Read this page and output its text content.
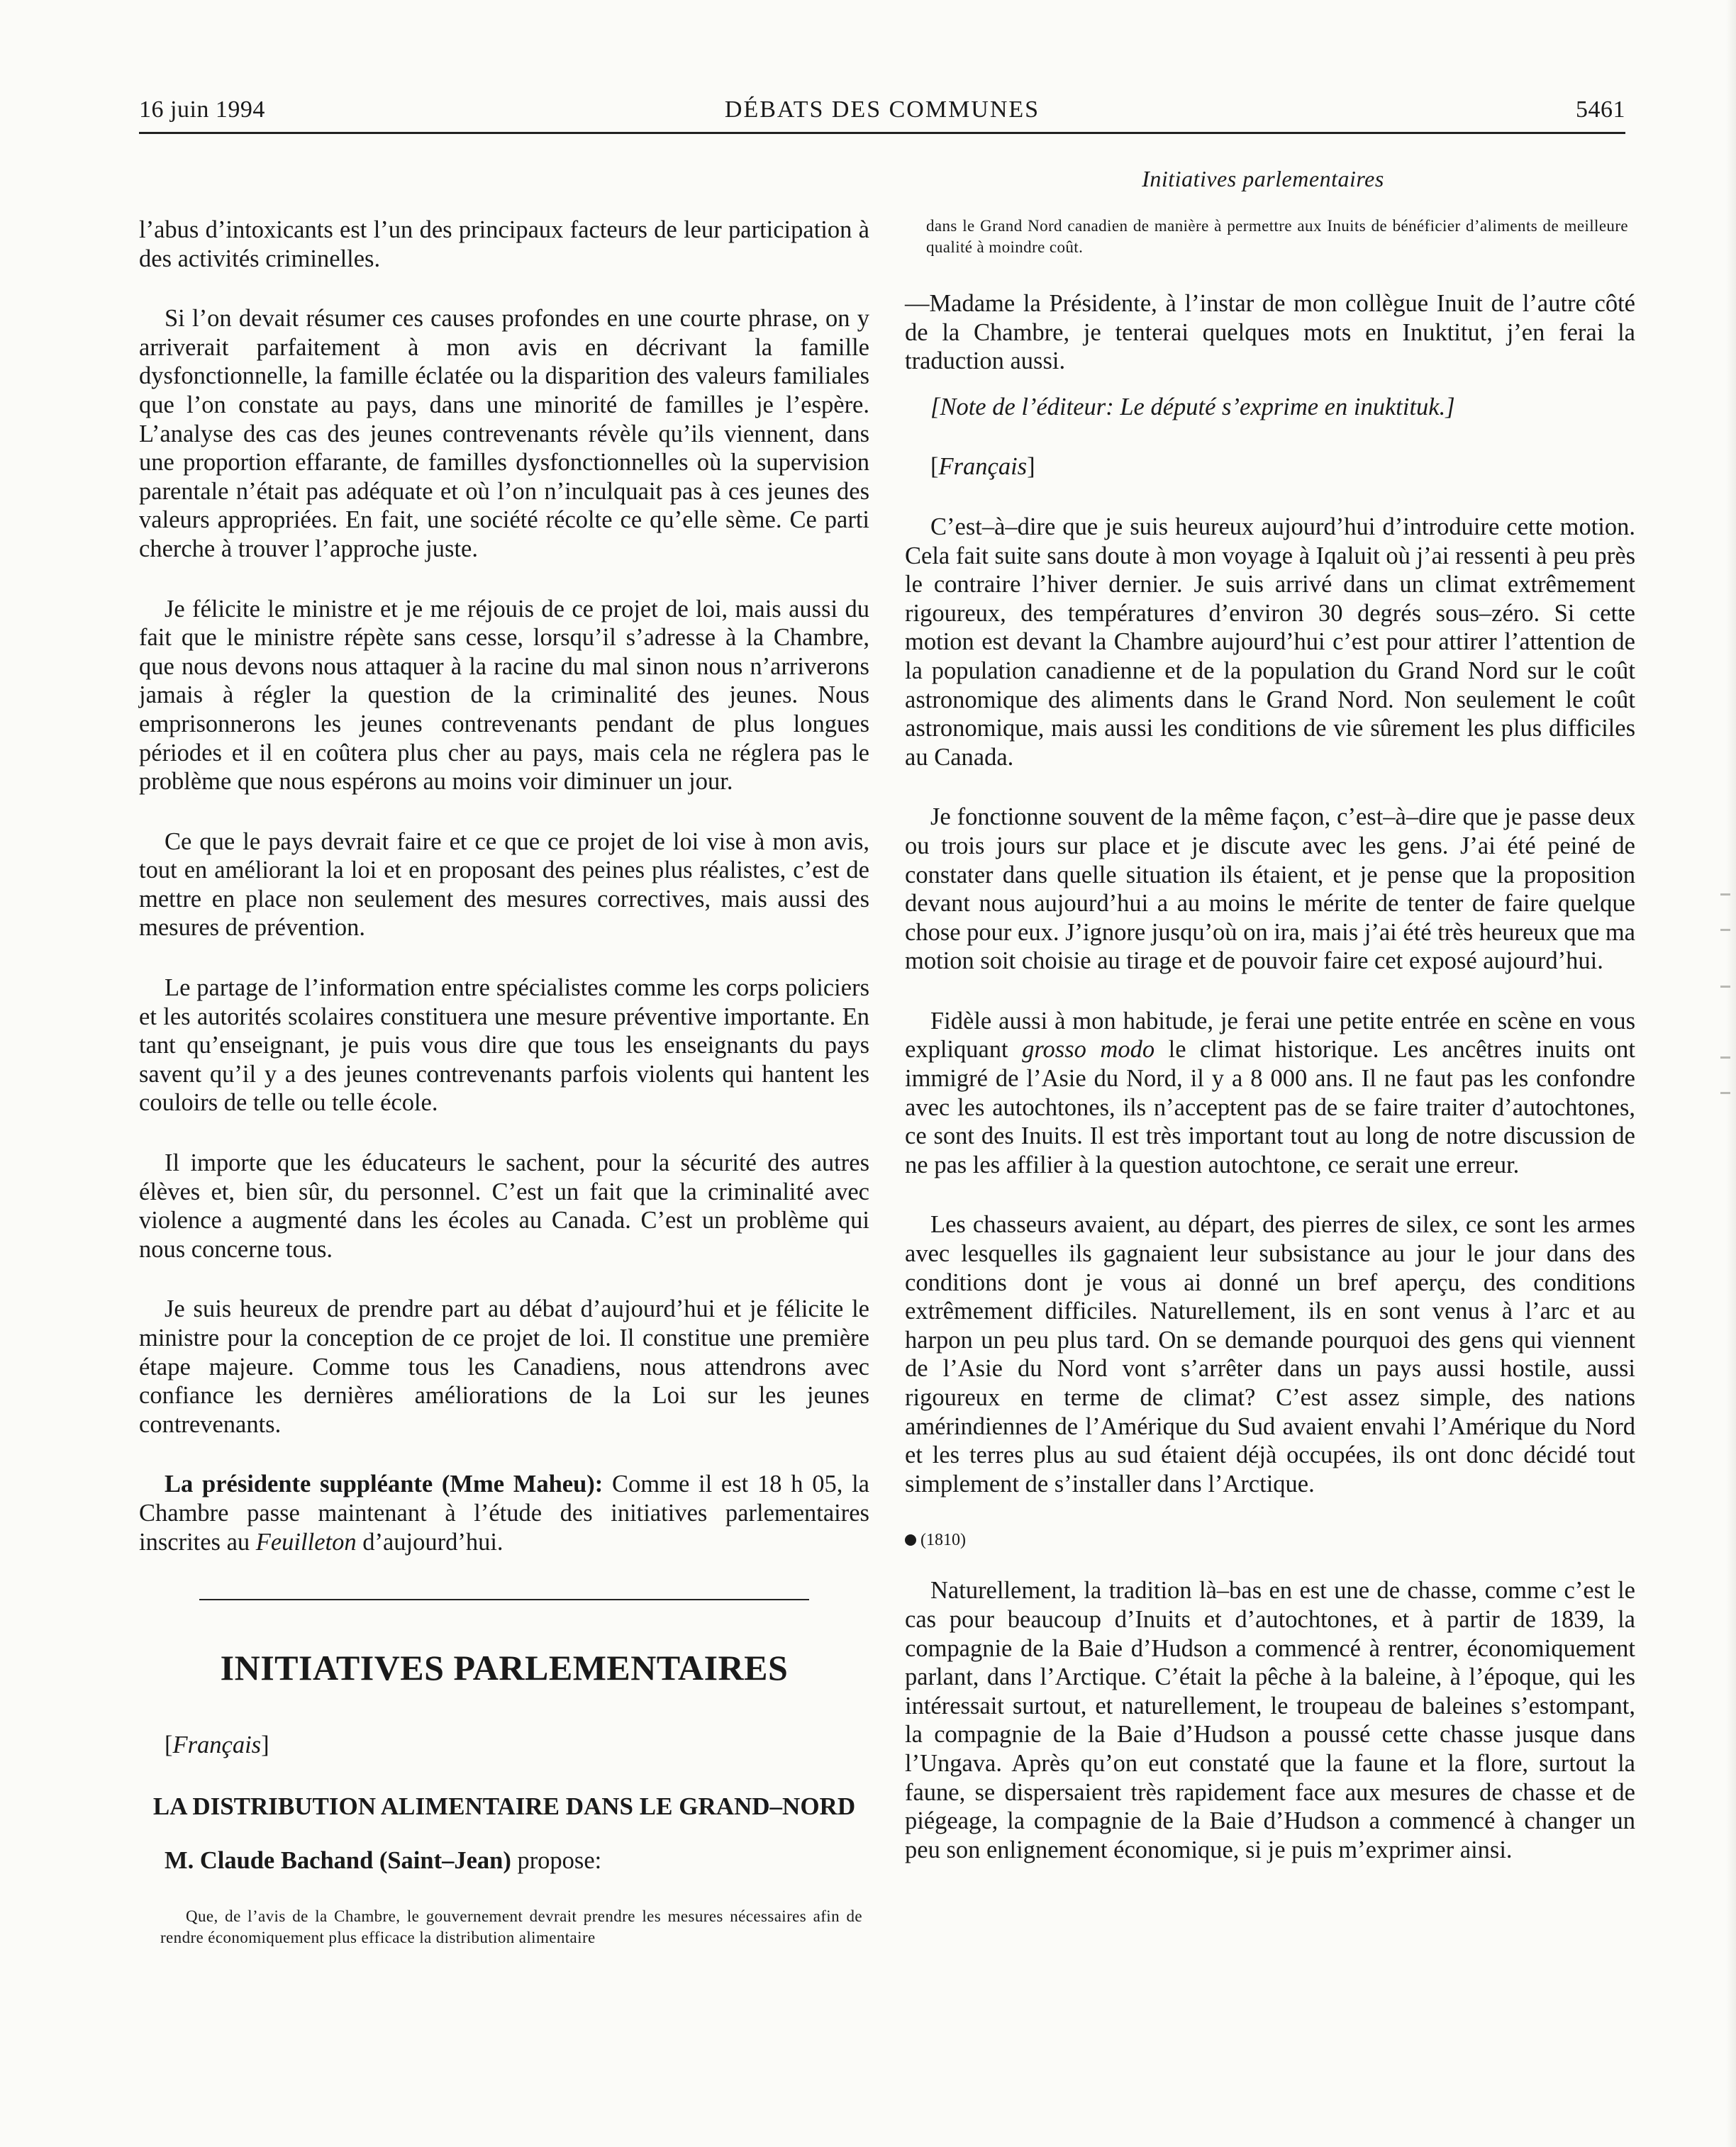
16 juin 1994	DÉBATS DES COMMUNES	5461
Initiatives parlementaires

l’abus d’intoxicants est l’un des principaux facteurs de leur participation à des activités criminelles.

Si l’on devait résumer ces causes profondes en une courte phrase, on y arriverait parfaitement à mon avis en décrivant la famille dysfonctionnelle, la famille éclatée ou la disparition des valeurs familiales que l’on constate au pays, dans une minorité de familles je l’espère. L’analyse des cas des jeunes contrevenants révèle qu’ils viennent, dans une proportion effarante, de familles dysfonctionnelles où la supervision parentale n’était pas adéquate et où l’on n’inculquait pas à ces jeunes des valeurs appropriées. En fait, une société récolte ce qu’elle sème. Ce parti cherche à trouver l’approche juste.

Je félicite le ministre et je me réjouis de ce projet de loi, mais aussi du fait que le ministre répète sans cesse, lorsqu’il s’adresse à la Chambre, que nous devons nous attaquer à la racine du mal sinon nous n’arriverons jamais à régler la question de la criminalité des jeunes. Nous emprisonnerons les jeunes contrevenants pendant de plus longues périodes et il en coûtera plus cher au pays, mais cela ne réglera pas le problème que nous espérons au moins voir diminuer un jour.

Ce que le pays devrait faire et ce que ce projet de loi vise à mon avis, tout en améliorant la loi et en proposant des peines plus réalistes, c’est de mettre en place non seulement des mesures correctives, mais aussi des mesures de prévention.

Le partage de l’information entre spécialistes comme les corps policiers et les autorités scolaires constituera une mesure préventive importante. En tant qu’enseignant, je puis vous dire que tous les enseignants du pays savent qu’il y a des jeunes contrevenants parfois violents qui hantent les couloirs de telle ou telle école.

Il importe que les éducateurs le sachent, pour la sécurité des autres élèves et, bien sûr, du personnel. C’est un fait que la criminalité avec violence a augmenté dans les écoles au Canada. C’est un problème qui nous concerne tous.

Je suis heureux de prendre part au débat d’aujourd’hui et je félicite le ministre pour la conception de ce projet de loi. Il constitue une première étape majeure. Comme tous les Canadiens, nous attendrons avec confiance les dernières améliorations de la Loi sur les jeunes contrevenants.

La présidente suppléante (Mme Maheu): Comme il est 18 h 05, la Chambre passe maintenant à l’étude des initiatives parlementaires inscrites au Feuilleton d’aujourd’hui.

INITIATIVES PARLEMENTAIRES

[Français]

LA DISTRIBUTION ALIMENTAIRE DANS LE GRAND–NORD

M. Claude Bachand (Saint–Jean) propose:

Que, de l’avis de la Chambre, le gouvernement devrait prendre les mesures nécessaires afin de rendre économiquement plus efficace la distribution alimentaire

dans le Grand Nord canadien de manière à permettre aux Inuits de bénéficier d’aliments de meilleure qualité à moindre coût.

—Madame la Présidente, à l’instar de mon collègue Inuit de l’autre côté de la Chambre, je tenterai quelques mots en Inuktitut, j’en ferai la traduction aussi.

[Note de l’éditeur: Le député s’exprime en inuktituk.]

[Français]

C’est–à–dire que je suis heureux aujourd’hui d’introduire cette motion. Cela fait suite sans doute à mon voyage à Iqaluit où j’ai ressenti à peu près le contraire l’hiver dernier. Je suis arrivé dans un climat extrêmement rigoureux, des températures d’environ 30 degrés sous–zéro. Si cette motion est devant la Chambre aujourd’hui c’est pour attirer l’attention de la population canadienne et de la population du Grand Nord sur le coût astronomique des aliments dans le Grand Nord. Non seulement le coût astronomique, mais aussi les conditions de vie sûrement les plus difficiles au Canada.

Je fonctionne souvent de la même façon, c’est–à–dire que je passe deux ou trois jours sur place et je discute avec les gens. J’ai été peiné de constater dans quelle situation ils étaient, et je pense que la proposition devant nous aujourd’hui a au moins le mérite de tenter de faire quelque chose pour eux. J’ignore jusqu’où on ira, mais j’ai été très heureux que ma motion soit choisie au tirage et de pouvoir faire cet exposé aujourd’hui.

Fidèle aussi à mon habitude, je ferai une petite entrée en scène en vous expliquant grosso modo le climat historique. Les ancêtres inuits ont immigré de l’Asie du Nord, il y a 8 000 ans. Il ne faut pas les confondre avec les autochtones, ils n’acceptent pas de se faire traiter d’autochtones, ce sont des Inuits. Il est très important tout au long de notre discussion de ne pas les affilier à la question autochtone, ce serait une erreur.

Les chasseurs avaient, au départ, des pierres de silex, ce sont les armes avec lesquelles ils gagnaient leur subsistance au jour le jour dans des conditions dont je vous ai donné un bref aperçu, des conditions extrêmement difficiles. Naturellement, ils en sont venus à l’arc et au harpon un peu plus tard. On se demande pourquoi des gens qui viennent de l’Asie du Nord vont s’arrêter dans un pays aussi hostile, aussi rigoureux en terme de climat? C’est assez simple, des nations amérindiennes de l’Amérique du Sud avaient envahi l’Amérique du Nord et les terres plus au sud étaient déjà occupées, ils ont donc décidé tout simplement de s’installer dans l’Arctique.

(1810)

Naturellement, la tradition là–bas en est une de chasse, comme c’est le cas pour beaucoup d’Inuits et d’autochtones, et à partir de 1839, la compagnie de la Baie d’Hudson a commencé à rentrer, économiquement parlant, dans l’Arctique. C’était la pêche à la baleine, à l’époque, qui les intéressait surtout, et naturellement, le troupeau de baleines s’estompant, la compagnie de la Baie d’Hudson a poussé cette chasse jusque dans l’Ungava. Après qu’on eut constaté que la faune et la flore, surtout la faune, se dispersaient très rapidement face aux mesures de chasse et de piégeage, la compagnie de la Baie d’Hudson a commencé à changer un peu son enlignement économique, si je puis m’exprimer ainsi.
